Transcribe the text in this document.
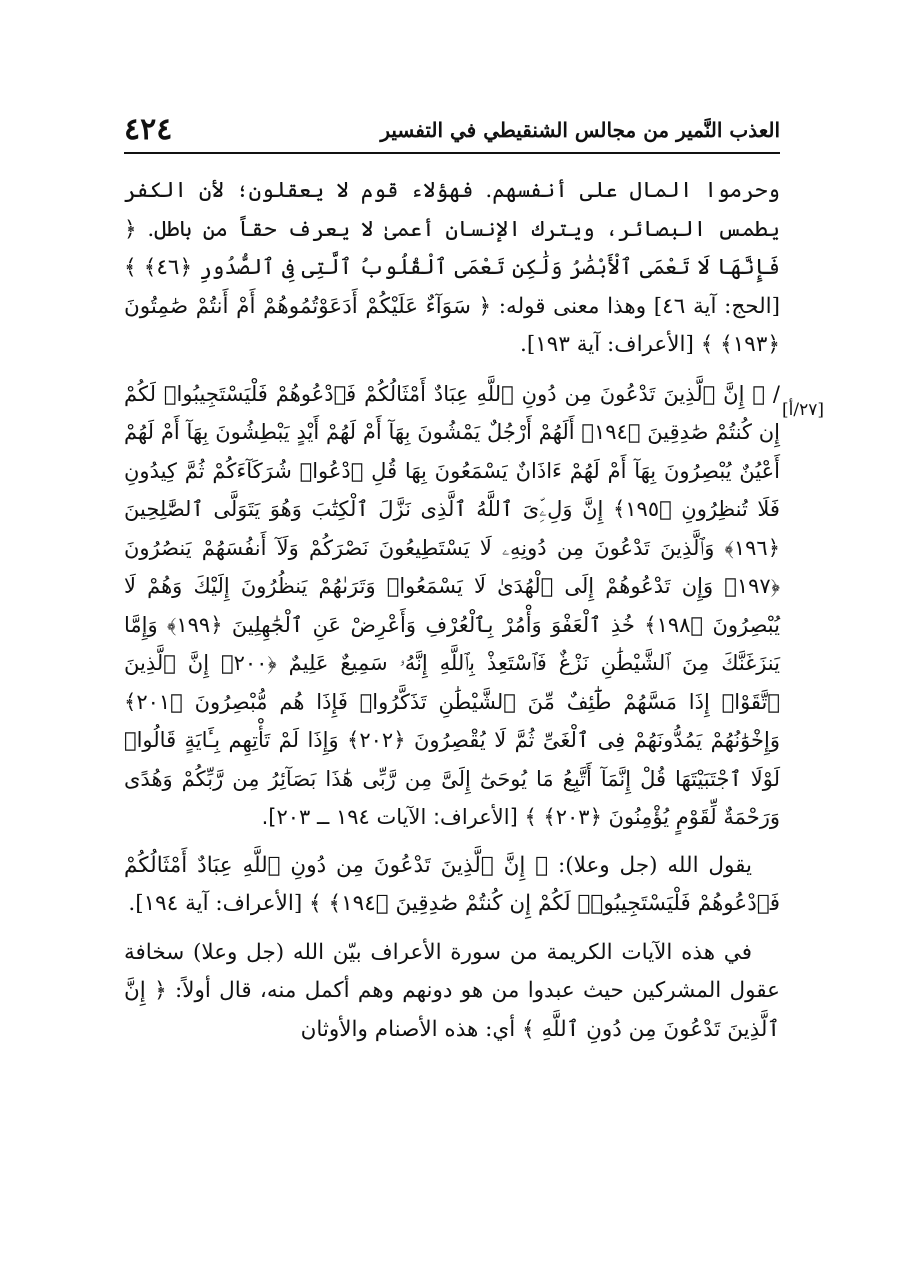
٤٢٤	العذب النَّمير من مجالس الشنقيطي في التفسير
[٢٧/أ]

وحرموا المال على أنفسهم. فهؤلاء قوم لا يعقلون؛ لأن الكفر يطمس البصائر، ويترك الإنسان أعمىٰ لا يعرف حقاً من باطل. ﴿ فَإِنَّهَا لَا تَعْمَى ٱلْأَبْصَٰرُ وَلَٰكِن تَعْمَى ٱلْقُلُوبُ ٱلَّتِى فِى ٱلصُّدُورِ ﴿٤٦﴾ ﴾ [الحج: آية ٤٦] وهذا معنى قوله: ﴿ سَوَآءٌ عَلَيْكُمْ أَدَعَوْتُمُوهُمْ أَمْ أَنتُمْ صَٰمِتُونَ ﴿١٩٣﴾ ﴾ [الأعراف: آية ١٩٣].

/ ﴿ إِنَّ ٱلَّذِينَ تَدْعُونَ مِن دُونِ ٱللَّهِ عِبَادٌ أَمْثَالُكُمْ فَٱدْعُوهُمْ فَلْيَسْتَجِيبُوا۟ لَكُمْ إِن كُنتُمْ صَٰدِقِينَ ﴿١٩٤﴾ أَلَهُمْ أَرْجُلٌ يَمْشُونَ بِهَآ أَمْ لَهُمْ أَيْدٍ يَبْطِشُونَ بِهَآ أَمْ لَهُمْ أَعْيُنٌ يُبْصِرُونَ بِهَآ أَمْ لَهُمْ ءَاذَانٌ يَسْمَعُونَ بِهَا قُلِ ٱدْعُوا۟ شُرَكَآءَكُمْ ثُمَّ كِيدُونِ فَلَا تُنظِرُونِ ﴿١٩٥﴾ إِنَّ وَلِۦِّىَ ٱللَّهُ ٱلَّذِى نَزَّلَ ٱلْكِتَٰبَ وَهُوَ يَتَوَلَّى ٱلصَّٰلِحِينَ ﴿١٩٦﴾ وَٱلَّذِينَ تَدْعُونَ مِن دُونِهِۦ لَا يَسْتَطِيعُونَ نَصْرَكُمْ وَلَآ أَنفُسَهُمْ يَنصُرُونَ ﴿١٩٧﴾ وَإِن تَدْعُوهُمْ إِلَى ٱلْهُدَىٰ لَا يَسْمَعُوا۟ وَتَرَىٰهُمْ يَنظُرُونَ إِلَيْكَ وَهُمْ لَا يُبْصِرُونَ ﴿١٩٨﴾ خُذِ ٱلْعَفْوَ وَأْمُرْ بِٱلْعُرْفِ وَأَعْرِضْ عَنِ ٱلْجَٰهِلِينَ ﴿١٩٩﴾ وَإِمَّا يَنزَغَنَّكَ مِنَ ٱلشَّيْطَٰنِ نَزْغٌ فَٱسْتَعِذْ بِٱللَّهِ إِنَّهُۥ سَمِيعٌ عَلِيمٌ ﴿٢٠٠﴾ إِنَّ ٱلَّذِينَ ٱتَّقَوْا۟ إِذَا مَسَّهُمْ طَٰٓئِفٌ مِّنَ ٱلشَّيْطَٰنِ تَذَكَّرُوا۟ فَإِذَا هُم مُّبْصِرُونَ ﴿٢٠١﴾ وَإِخْوَٰنُهُمْ يَمُدُّونَهُمْ فِى ٱلْغَىِّ ثُمَّ لَا يُقْصِرُونَ ﴿٢٠٢﴾ وَإِذَا لَمْ تَأْتِهِم بِـَٔايَةٍ قَالُوا۟ لَوْلَا ٱجْتَبَيْتَهَا قُلْ إِنَّمَآ أَتَّبِعُ مَا يُوحَىٰٓ إِلَىَّ مِن رَّبِّى هَٰذَا بَصَآئِرُ مِن رَّبِّكُمْ وَهُدًى وَرَحْمَةٌ لِّقَوْمٍ يُؤْمِنُونَ ﴿٢٠٣﴾ ﴾ [الأعراف: الآيات ١٩٤ ــ ٢٠٣].

يقول الله (جل وعلا): ﴿ إِنَّ ٱلَّذِينَ تَدْعُونَ مِن دُونِ ٱللَّهِ عِبَادٌ أَمْثَالُكُمْ فَٱدْعُوهُمْ فَلْيَسْتَجِيبُوا۟ لَكُمْ إِن كُنتُمْ صَٰدِقِينَ ﴿١٩٤﴾ ﴾ [الأعراف: آية ١٩٤].

في هذه الآيات الكريمة من سورة الأعراف بيّن الله (جل وعلا) سخافة عقول المشركين حيث عبدوا من هو دونهم وهم أكمل منه، قال أولاً: ﴿ إِنَّ ٱلَّذِينَ تَدْعُونَ مِن دُونِ ٱللَّهِ ﴾ أي: هذه الأصنام والأوثان
